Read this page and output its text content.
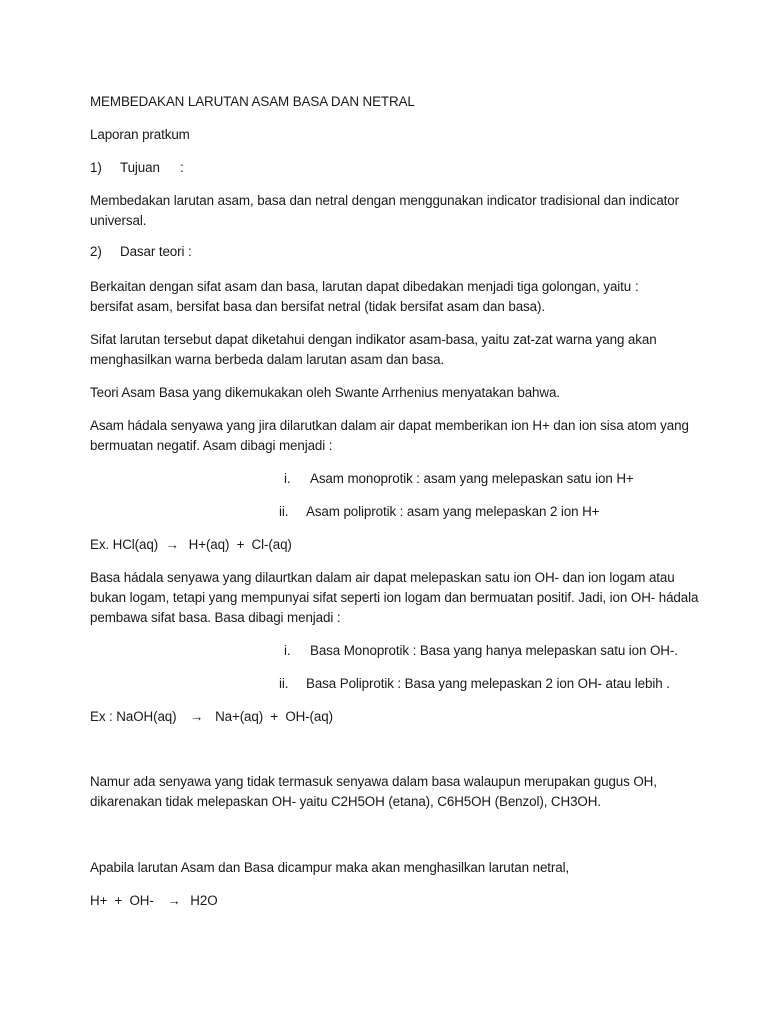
MEMBEDAKAN LARUTAN ASAM BASA DAN NETRAL
Laporan pratkum
1) Tujuan :
Membedakan larutan asam, basa dan netral dengan menggunakan indicator tradisional dan indicator
universal.
2) Dasar teori :
Berkaitan dengan sifat asam dan basa, larutan dapat dibedakan menjadi tiga golongan, yaitu :
bersifat asam, bersifat basa dan bersifat netral (tidak bersifat asam dan basa).
Sifat larutan tersebut dapat diketahui dengan indikator asam-basa, yaitu zat-zat warna yang akan
menghasilkan warna berbeda dalam larutan asam dan basa.
Teori Asam Basa yang dikemukakan oleh Swante Arrhenius menyatakan bahwa.
Asam hádala senyawa yang jira dilarutkan dalam air dapat memberikan ion H+ dan ion sisa atom yang
bermuatan negatif. Asam dibagi menjadi :
i. Asam monoprotik : asam yang melepaskan satu ion H+
ii. Asam poliprotik : asam yang melepaskan 2 ion H+
Ex. HCl(aq) → H+(aq)  +  Cl-(aq)
Basa hádala senyawa yang dilaurtkan dalam air dapat melepaskan satu ion OH- dan ion logam atau
bukan logam, tetapi yang mempunyai sifat seperti ion logam dan bermuatan positif. Jadi, ion OH- hádala
pembawa sifat basa. Basa dibagi menjadi :
i. Basa Monoprotik : Basa yang hanya melepaskan satu ion OH-.
ii. Basa Poliprotik : Basa yang melepaskan 2 ion OH- atau lebih .
Ex : NaOH(aq) → Na+(aq)  +  OH-(aq)
Namur ada senyawa yang tidak termasuk senyawa dalam basa walaupun merupakan gugus OH,
dikarenakan tidak melepaskan OH- yaitu C2H5OH (etana), C6H5OH (Benzol), CH3OH.
Apabila larutan Asam dan Basa dicampur maka akan menghasilkan larutan netral,
H+  +  OH- → H2O
